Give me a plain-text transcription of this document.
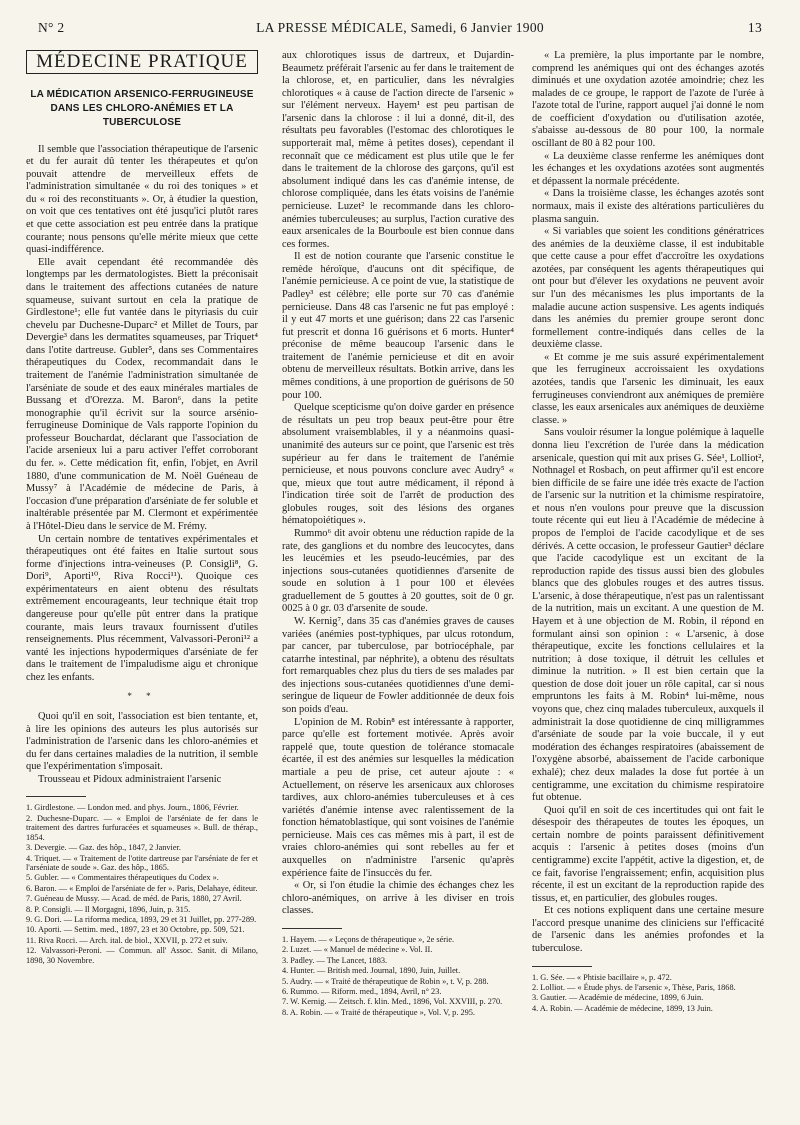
N° 2	LA PRESSE MÉDICALE, Samedi, 6 Janvier 1900	13
MÉDECINE PRATIQUE
LA MÉDICATION ARSENICO-FERRUGINEUSE DANS LES CHLORO-ANÉMIES ET LA TUBERCULOSE

Il semble que l'association thérapeutique de l'arsenic et du fer aurait dû tenter les thérapeutes et qu'on pouvait attendre de merveilleux effets de l'administration simultanée « du roi des toniques » et du « roi des reconstituants ». Or, à étudier la question, on voit que ces tentatives ont été jusqu'ici plutôt rares et que cette association est peu entrée dans la pratique courante; nous pensons qu'elle mérite mieux que cette quasi-indifférence.

Elle avait cependant été recommandée dès longtemps par les dermatologistes. Biett la préconisait dans le traitement des affections cutanées de nature squameuse, suivant surtout en cela la pratique de Girdlestone¹; elle fut vantée dans le pityriasis du cuir chevelu par Duchesne-Duparc² et Millet de Tours, par Devergie³ dans les dermatites squameuses, par Triquet⁴ dans l'otite dartreuse. Gubler⁵, dans ses Commentaires thérapeutiques du Codex, recommandait dans le traitement de l'anémie l'administration simultanée de l'arséniate de soude et des eaux minérales martiales de Bussang et d'Orezza. M. Baron⁶, dans la petite monographie qu'il écrivit sur la source arsénio-ferrugineuse Dominique de Vals rapporte l'opinion du professeur Bouchardat, déclarant que l'association de l'acide arsenieux lui a paru activer l'effet corroborant du fer. ». Cette médication fit, enfin, l'objet, en Avril 1880, d'une communication de M. Noël Guéneau de Mussy⁷ à l'Académie de médecine de Paris, à l'occasion d'une préparation d'arséniate de fer soluble et inaltérable présentée par M. Clermont et expérimentée à l'Hôtel-Dieu dans le service de M. Frémy.

Un certain nombre de tentatives expérimentales et thérapeutiques ont été faites en Italie surtout sous forme d'injections intra-veineuses (P. Consigli⁸, G. Dori⁹, Aporti¹⁰, Riva Rocci¹¹). Quoique ces expérimentateurs en aient obtenu des résultats extrêmement encourageants, leur technique était trop dangereuse pour qu'elle pût entrer dans la pratique courante, mais leurs travaux fournissent d'utiles renseignements. Plus récemment, Valvassori-Peroni¹² a vanté les injections hypodermiques d'arséniate de fer dans le traitement de l'impaludisme aigu et chronique chez les enfants.

* *

Quoi qu'il en soit, l'association est bien tentante, et, à lire les opinions des auteurs les plus autorisés sur l'administration de l'arsenic dans les chloro-anémies et du fer dans certaines maladies de la nutrition, il semble que l'expérimentation s'imposait.

Trousseau et Pidoux administraient l'arsenic

1. Girdlestone. — London med. and phys. Journ., 1806, Février.
2. Duchesne-Duparc. — « Emploi de l'arséniate de fer dans le traitement des dartres furfuracées et squameuses ». Bull. de thérap., 1854.
3. Devergie. — Gaz. des hôp., 1847, 2 Janvier.
4. Triquet. — « Traitement de l'otite dartreuse par l'arséniate de fer et l'arséniate de soude ». Gaz. des hôp., 1865.
5. Gubler. — « Commentaires thérapeutiques du Codex ».
6. Baron. — « Emploi de l'arséniate de fer ». Paris, Delahaye, éditeur.
7. Guéneau de Mussy. — Acad. de méd. de Paris, 1880, 27 Avril.
8. P. Consigli. — Il Morgagni, 1896, Juin, p. 315.
9. G. Dori. — La riforma medica, 1893, 29 et 31 Juillet, pp. 277-289.
10. Aporti. — Settim. med., 1897, 23 et 30 Octobre, pp. 509, 521.
11. Riva Rocci. — Arch. ital. de biol., XXVII, p. 272 et suiv.
12. Valvassori-Peroni. — Commun. all' Assoc. Sanit. di Milano, 1898, 30 Novembre.

aux chlorotiques issus de dartreux, et Dujardin-Beaumetz préférait l'arsenic au fer dans le traitement de la chlorose, et, en particulier, dans les névralgies chlorotiques « à cause de l'action directe de l'arsenic » sur l'élément nerveux. Hayem¹ est peu partisan de l'arsenic dans la chlorose : il lui a donné, dit-il, des résultats peu favorables (l'estomac des chlorotiques le supporterait mal, même à petites doses), cependant il reconnaît que ce médicament est plus utile que le fer dans le traitement de la chlorose des garçons, qu'il est absolument indiqué dans les cas d'anémie intense, de chlorose compliquée, dans les états voisins de l'anémie pernicieuse. Luzet² le recommande dans les chloro-anémies tuberculeuses; au surplus, l'action curative des eaux arsenicales de la Bourboule est bien connue dans ces formes.

Il est de notion courante que l'arsenic constitue le remède héroïque, d'aucuns ont dit spécifique, de l'anémie pernicieuse. A ce point de vue, la statistique de Padley³ est célèbre; elle porte sur 70 cas d'anémie pernicieuse. Dans 48 cas l'arsenic ne fut pas employé : il y eut 47 morts et une guérison; dans 22 cas l'arsenic fut prescrit et donna 16 guérisons et 6 morts. Hunter⁴ préconise de même beaucoup l'arsenic dans le traitement de l'anémie pernicieuse et dit en avoir obtenu de merveilleux résultats. Botkin arrive, dans les mêmes conditions, à une proportion de guérisons de 50 pour 100.

Quelque scepticisme qu'on doive garder en présence de résultats un peu trop beaux peut-être pour être absolument vraisemblables, il y a néanmoins quasi-unanimité des auteurs sur ce point, que l'arsenic est très supérieur au fer dans le traitement de l'anémie pernicieuse, et nous pouvons conclure avec Audry⁵ « que, mieux que tout autre médicament, il répond à l'indication tirée soit de l'arrêt de production des globules rouges, soit des lésions des organes hématopoiétiques ».

Rummo⁶ dit avoir obtenu une réduction rapide de la rate, des ganglions et du nombre des leucocytes, dans les leucémies et les pseudo-leucémies, par des injections sous-cutanées quotidiennes d'arsenite de soude en solution à 1 pour 100 et élevées graduellement de 5 gouttes à 20 gouttes, soit de 0 gr. 0025 à 0 gr. 03 d'arsenite de soude.

W. Kernig⁷, dans 35 cas d'anémies graves de causes variées (anémies post-typhiques, par ulcus rotondum, par cancer, par tuberculose, par botriocéphale, par catarrhe intestinal, par néphrite), a obtenu des résultats fort remarquables chez plus du tiers de ses malades par des injections sous-cutanées quotidiennes d'une demi-seringue de liqueur de Fowler additionnée de deux fois son poids d'eau.

L'opinion de M. Robin⁸ est intéressante à rapporter, parce qu'elle est fortement motivée. Après avoir rappelé que, toute question de tolérance stomacale écartée, il est des anémies sur lesquelles la médication martiale a peu de prise, cet auteur ajoute : « Actuellement, on réserve les arsenicaux aux chloroses tardives, aux chloro-anémies tuberculeuses et à ces variétés d'anémie intense avec ralentissement de la fonction hématoblastique, qui sont voisines de l'anémie pernicieuse. Mais ces cas mêmes mis à part, il est de vraies chloro-anémies qui sont rebelles au fer et auxquelles on n'administre l'arsenic qu'après expérience faite de l'insuccès du fer.

« Or, si l'on étudie la chimie des échanges chez les chloro-anémiques, on arrive à les diviser en trois classes.

1. Hayem. — « Leçons de thérapeutique », 2e série.
2. Luzet. — « Manuel de médecine ». Vol. II.
3. Padley. — The Lancet, 1883.
4. Hunter. — British med. Journal, 1890, Juin, Juillet.
5. Audry. — « Traité de thérapeutique de Robin », t. V, p. 288.
6. Rummo. — Riform. med., 1894, Avril, n° 23.
7. W. Kernig. — Zeitsch. f. klin. Med., 1896, Vol. XXVIII, p. 270.
8. A. Robin. — « Traité de thérapeutique », Vol. V, p. 295.

« La première, la plus importante par le nombre, comprend les anémiques qui ont des échanges azotés diminués et une oxydation azotée amoindrie; chez les malades de ce groupe, le rapport de l'azote de l'urée à l'azote total de l'urine, rapport auquel j'ai donné le nom de coefficient d'oxydation ou d'utilisation azotée, s'abaisse au-dessous de 80 pour 100, la normale oscillant de 80 à 82 pour 100.

« La deuxième classe renferme les anémiques dont les échanges et les oxydations azotées sont augmentés et dépassent la normale précédente.

« Dans la troisième classe, les échanges azotés sont normaux, mais il existe des altérations particulières du plasma sanguin.

« Si variables que soient les conditions génératrices des anémies de la deuxième classe, il est indubitable que cette cause a pour effet d'accroître les oxydations azotées, par conséquent les agents thérapeutiques qui ont pour but d'élever les oxydations ne peuvent avoir sur l'un des mécanismes les plus importants de la maladie aucune action suspensive. Les agents indiqués dans les anémies du premier groupe seront donc formellement contre-indiqués dans celles de la deuxième classe.

« Et comme je me suis assuré expérimentalement que les ferrugineux accroissaient les oxydations azotées, tandis que l'arsenic les diminuait, les eaux ferrugineuses conviendront aux anémiques de première classe, les eaux arsenicales aux anémiques de deuxième classe. »

Sans vouloir résumer la longue polémique à laquelle donna lieu l'excrétion de l'urée dans la médication arsenicale, question qui mit aux prises G. Sée¹, Lolliot², Nothnagel et Rosbach, on peut affirmer qu'il est encore bien difficile de se faire une idée très exacte de l'action de l'arsenic sur la nutrition et la chimisme respiratoire, et nous n'en voulons pour preuve que la discussion toute récente qui eut lieu à l'Académie de médecine à propos de l'emploi de l'acide cacodylique et de ses dérivés. A cette occasion, le professeur Gautier³ déclare que l'acide cacodylique est un excitant de la reproduction rapide des tissus aussi bien des globules blancs que des globules rouges et des autres tissus. L'arsenic, à dose thérapeutique, n'est pas un ralentissant de la nutrition, mais un excitant. A une question de M. Hayem et à une objection de M. Robin, il répond en formulant ainsi son opinion : « L'arsenic, à dose thérapeutique, excite les fonctions cellulaires et la nutrition; à dose toxique, il détruit les cellules et diminue la nutrition. » Il est bien certain que la question de dose doit jouer un rôle capital, car si nous empruntons les faits à M. Robin⁴ lui-même, nous voyons que, chez cinq malades tuberculeux, auxquels il administrait la dose quotidienne de cinq milligrammes d'arséniate de soude par la voie buccale, il y eut modération des échanges respiratoires (abaissement de l'oxygène absorbé, abaissement de l'acide carbonique exhalé); chez deux malades la dose fut portée à un centigramme, une excitation du chimisme respiratoire fut obtenue.

Quoi qu'il en soit de ces incertitudes qui ont fait le désespoir des thérapeutes de toutes les époques, un certain nombre de points paraissent définitivement acquis : l'arsenic à petites doses (moins d'un centigramme) excite l'appétit, active la digestion, et, de ce fait, favorise l'engraissement; enfin, acquisition plus récente, il est un excitant de la reproduction rapide des tissus, et, en particulier, des globules rouges.

Et ces notions expliquent dans une certaine mesure l'accord presque unanime des cliniciens sur l'efficacité de l'arsenic dans les anémies profondes et la tuberculose.

1. G. Sée. — « Phtisie bacillaire », p. 472.
2. Lolliot. — « Étude phys. de l'arsenic », Thèse, Paris, 1868.
3. Gautier. — Académie de médecine, 1899, 6 Juin.
4. A. Robin. — Académie de médecine, 1899, 13 Juin.
